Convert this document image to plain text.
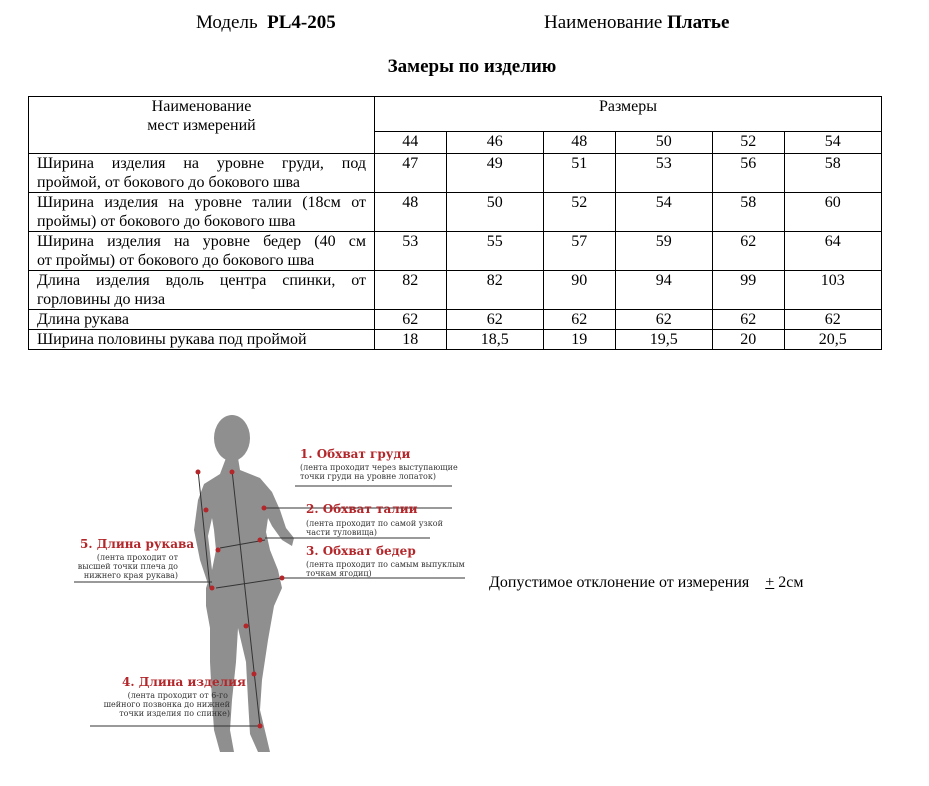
Модель PL4-205	Наименование Платье
Замеры по изделию
Наименование
мест измерений	Размеры					
	44	46	48	50	52	54

Ширина изделия на уровне груди, под
проймой, от бокового до бокового шва	47	49	51	53	56	58

Ширина изделия на уровне талии (18см от
проймы) от бокового до бокового шва	48	50	52	54	58	60

Ширина изделия на уровне бедер (40 см
от проймы) от бокового до бокового шва	53	55	57	59	62	64

Длина изделия вдоль центра спинки, от
горловины до низа	82	82	90	94	99	103
Длина рукава	62	62	62	62	62	62
Ширина половины рукава под проймой	18	18,5	19	19,5	20	20,5
1. Обхват груди
(лента проходит через выступающие
точки груди на уровне лопаток)
2. Обхват талии
(лента проходит по самой узкой
части туловища)
3. Обхват бедер
(лента проходит по самым выпуклым
точкам ягодиц)
5. Длина рукава
(лента проходит от
высшей точки плеча до
нижнего края рукава)
4. Длина изделия
(лента проходит от 6-го
шейного позвонка до нижней
точки изделия по спинке)
Допустимое отклонение от измерения + 2см
